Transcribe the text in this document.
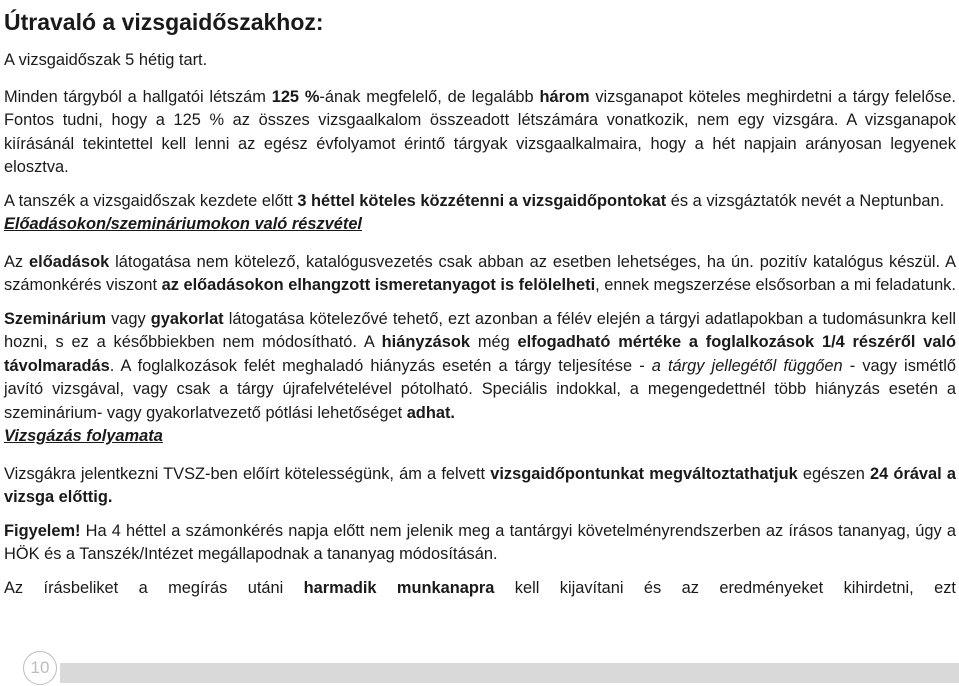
Útravaló a vizsgaidőszakhoz:

A vizsgaidőszak 5 hétig tart.

Minden tárgyból a hallgatói létszám 125 %-ának megfelelő, de legalább három vizsganapot köteles meghirdetni a tárgy felelőse. Fontos tudni, hogy a 125 % az összes vizsgaalkalom összeadott létszámára vonatkozik, nem egy vizsgára. A vizsganapok kiírásánál tekintettel kell lenni az egész évfolyamot érintő tárgyak vizsgaalkalmaira, hogy a hét napjain arányosan legyenek elosztva.

A tanszék a vizsgaidőszak kezdete előtt 3 héttel köteles közzétenni a vizsgaidőpontokat és a vizsgáztatók nevét a Neptunban.

Előadásokon/szemináriumokon való részvétel

Az előadások látogatása nem kötelező, katalógusvezetés csak abban az esetben lehetséges, ha ún. pozitív katalógus készül. A számonkérés viszont az előadásokon elhangzott ismeretanyagot is felölelheti, ennek megszerzése elsősorban a mi feladatunk.

Szeminárium vagy gyakorlat látogatása kötelezővé tehető, ezt azonban a félév elején a tárgyi adatlapokban a tudomásunkra kell hozni, s ez a későbbiekben nem módosítható. A hiányzások még elfogadható mértéke a foglalkozások 1/4 részéről való távolmaradás. A foglalkozások felét meghaladó hiányzás esetén a tárgy teljesítése - a tárgy jellegétől függően - vagy ismétlő javító vizsgával, vagy csak a tárgy újrafelvételével pótolható. Speciális indokkal, a megengedettnél több hiányzás esetén a szeminárium- vagy gyakorlatvezető pótlási lehetőséget adhat.

Vizsgázás folyamata

Vizsgákra jelentkezni TVSZ-ben előírt kötelességünk, ám a felvett vizsgaidőpontunkat megváltoztathatjuk egészen 24 órával a vizsga előttig.

Figyelem! Ha 4 héttel a számonkérés napja előtt nem jelenik meg a tantárgyi követelményrendszerben az írásos tananyag, úgy a HÖK és a Tanszék/Intézet megállapodnak a tananyag módosításán.

Az írásbeliket a megírás utáni harmadik munkanapra kell kijavítani és az eredményeket kihirdetni, ezt

10
